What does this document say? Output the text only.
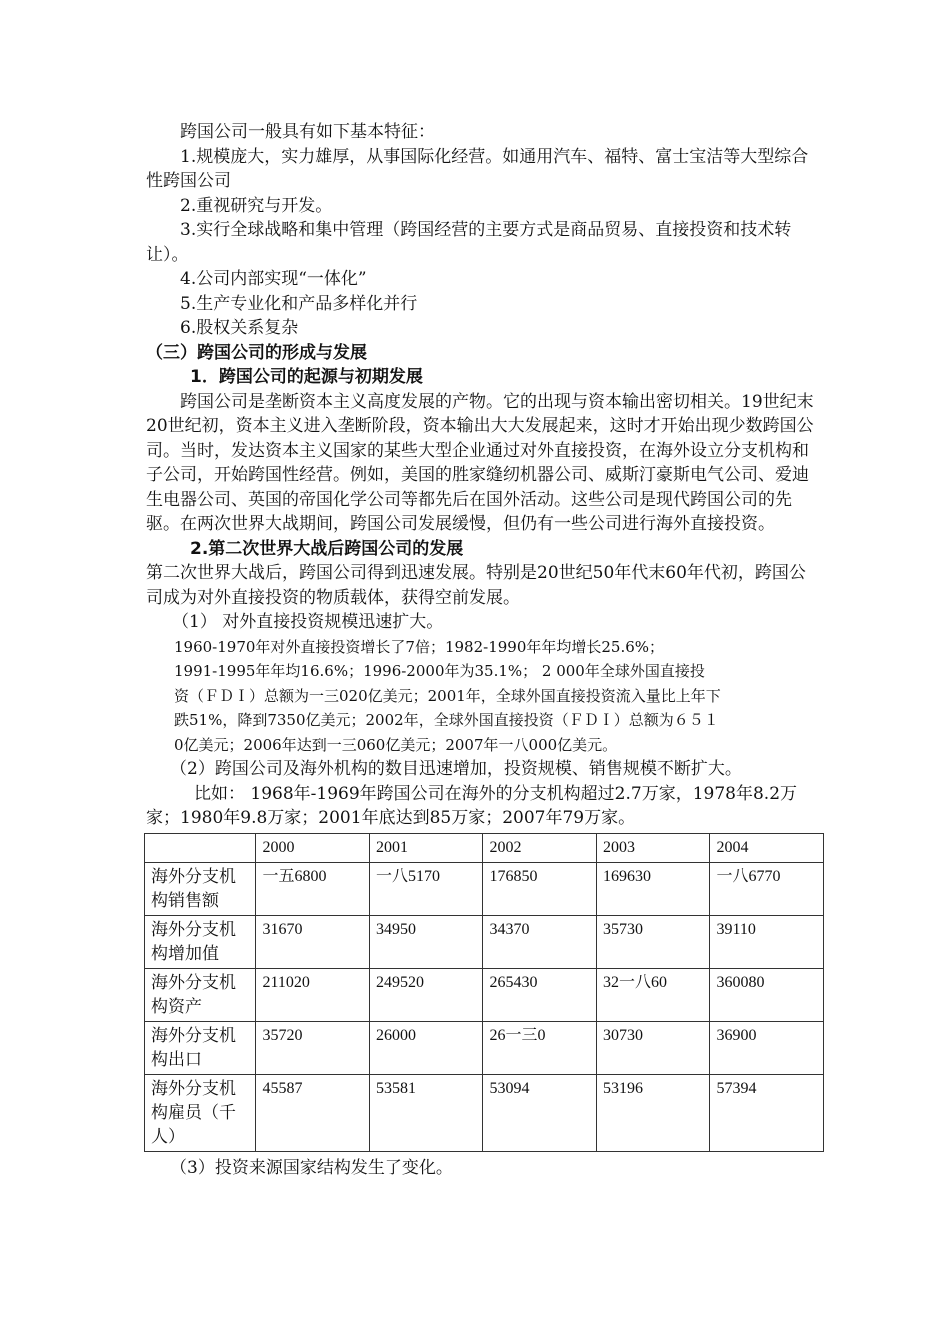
跨国公司一般具有如下基本特征：

1.规模庞大，实力雄厚，从事国际化经营。如通用汽车、福特、富士宝洁等大型综合性跨国公司

2.重视研究与开发。

3.实行全球战略和集中管理（跨国经营的主要方式是商品贸易、直接投资和技术转让）。

4.公司内部实现“一体化”

5.生产专业化和产品多样化并行

6.股权关系复杂

（三）跨国公司的形成与发展

1．跨国公司的起源与初期发展

跨国公司是垄断资本主义高度发展的产物。它的出现与资本输出密切相关。19世纪末20世纪初，资本主义进入垄断阶段，资本输出大大发展起来，这时才开始出现少数跨国公司。当时，发达资本主义国家的某些大型企业通过对外直接投资，在海外设立分支机构和子公司，开始跨国性经营。例如，美国的胜家缝纫机器公司、威斯汀豪斯电气公司、爱迪生电器公司、英国的帝国化学公司等都先后在国外活动。这些公司是现代跨国公司的先驱。在两次世界大战期间，跨国公司发展缓慢，但仍有一些公司进行海外直接投资。

2.第二次世界大战后跨国公司的发展

第二次世界大战后，跨国公司得到迅速发展。特别是20世纪50年代末60年代初，跨国公司成为对外直接投资的物质载体，获得空前发展。

（1） 对外直接投资规模迅速扩大。

1960-1970年对外直接投资增长了7倍；1982-1990年年均增长25.6%；

1991-1995年年均16.6%；1996-2000年为35.1%； 2 000年全球外国直接投

资（ＦＤＩ）总额为一三020亿美元；2001年，全球外国直接投资流入量比上年下

跌51%，降到7350亿美元；2002年，全球外国直接投资（ＦＤＩ）总额为６５１

0亿美元；2006年达到一三060亿美元；2007年一八000亿美元。

（2）跨国公司及海外机构的数目迅速增加，投资规模、销售规模不断扩大。

比如： 1968年-1969年跨国公司在海外的分支机构超过2.7万家，1978年8.2万家；1980年9.8万家；2001年底达到85万家；2007年79万家。

	2000	2001	2002	2003	2004
海外分支机构销售额	一五6800	一八5170	176850	169630	一八6770
海外分支机构增加值	31670	34950	34370	35730	39110
海外分支机构资产	211020	249520	265430	32一八60	360080
海外分支机构出口	35720	26000	26一三0	30730	36900
海外分支机构雇员（千人）	45587	53581	53094	53196	57394

（3）投资来源国家结构发生了变化。
